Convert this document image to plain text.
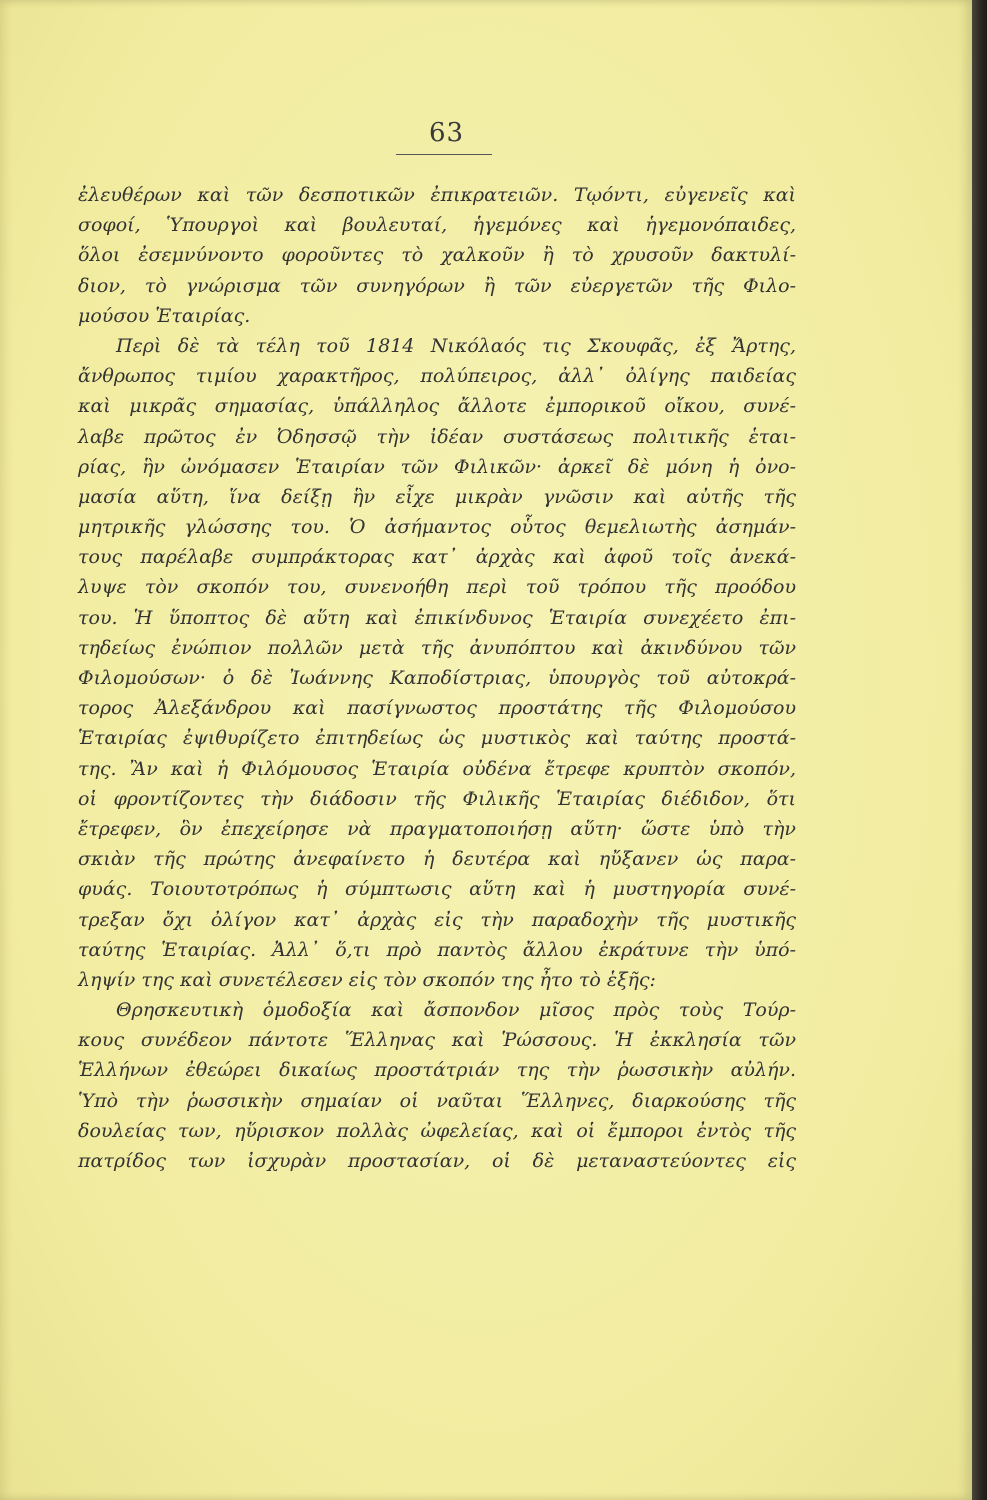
63
ἐλευθέρων καὶ τῶν δεσποτικῶν ἐπικρατειῶν. Τῳόντι, εὐγενεῖς καὶ
σοφοί, Ὑπουργοὶ καὶ βουλευταί, ἡγεμόνες καὶ ἡγεμονόπαιδες,
ὅλοι ἐσεμνύνοντο φοροῦντες τὸ χαλκοῦν ἢ τὸ χρυσοῦν δακτυλί-
διον, τὸ γνώρισμα τῶν συνηγόρων ἢ τῶν εὐεργετῶν τῆς Φιλο-
μούσου Ἑταιρίας.
Περὶ δὲ τὰ τέλη τοῦ 1814 Νικόλαός τις Σκουφᾶς, ἐξ Ἄρτης,
ἄνθρωπος τιμίου χαρακτῆρος, πολύπειρος, ἀλλ᾽ ὀλίγης παιδείας
καὶ μικρᾶς σημασίας, ὑπάλληλος ἄλλοτε ἐμπορικοῦ οἴκου, συνέ-
λαβε πρῶτος ἐν Ὀδησσῷ τὴν ἰδέαν συστάσεως πολιτικῆς ἑται-
ρίας, ἣν ὠνόμασεν Ἑταιρίαν τῶν Φιλικῶν· ἀρκεῖ δὲ μόνη ἡ ὀνο-
μασία αὕτη, ἵνα δείξῃ ἣν εἶχε μικρὰν γνῶσιν καὶ αὐτῆς τῆς
μητρικῆς γλώσσης του. Ὁ ἀσήμαντος οὗτος θεμελιωτὴς ἀσημάν-
τους παρέλαβε συμπράκτορας κατ᾽ ἀρχὰς καὶ ἀφοῦ τοῖς ἀνεκά-
λυψε τὸν σκοπόν του, συνενοήθη περὶ τοῦ τρόπου τῆς προόδου
του. Ἡ ὕποπτος δὲ αὕτη καὶ ἐπικίνδυνος Ἑταιρία συνεχέετο ἐπι-
τηδείως ἐνώπιον πολλῶν μετὰ τῆς ἀνυπόπτου καὶ ἀκινδύνου τῶν
Φιλομούσων· ὁ δὲ Ἰωάννης Καποδίστριας, ὑπουργὸς τοῦ αὐτοκρά-
τορος Ἀλεξάνδρου καὶ πασίγνωστος προστάτης τῆς Φιλομούσου
Ἑταιρίας ἐψιθυρίζετο ἐπιτηδείως ὡς μυστικὸς καὶ ταύτης προστά-
της. Ἂν καὶ ἡ Φιλόμουσος Ἑταιρία οὐδένα ἔτρεφε κρυπτὸν σκοπόν,
οἱ φροντίζοντες τὴν διάδοσιν τῆς Φιλικῆς Ἑταιρίας διέδιδον, ὅτι
ἔτρεφεν, ὃν ἐπεχείρησε νὰ πραγματοποιήσῃ αὕτη· ὥστε ὑπὸ τὴν
σκιὰν τῆς πρώτης ἀνεφαίνετο ἡ δευτέρα καὶ ηὔξανεν ὡς παρα-
φυάς. Τοιουτοτρόπως ἡ σύμπτωσις αὕτη καὶ ἡ μυστηγορία συνέ-
τρεξαν ὄχι ὀλίγον κατ᾽ ἀρχὰς εἰς τὴν παραδοχὴν τῆς μυστικῆς
ταύτης Ἑταιρίας. Ἀλλ᾽ ὅ,τι πρὸ παντὸς ἄλλου ἐκράτυνε τὴν ὑπό-
ληψίν της καὶ συνετέλεσεν εἰς τὸν σκοπόν της ἦτο τὸ ἑξῆς:
Θρησκευτικὴ ὁμοδοξία καὶ ἄσπονδον μῖσος πρὸς τοὺς Τούρ-
κους συνέδεον πάντοτε Ἕλληνας καὶ Ῥώσσους. Ἡ ἐκκλησία τῶν
Ἑλλήνων ἐθεώρει δικαίως προστάτριάν της τὴν ῥωσσικὴν αὐλήν.
Ὑπὸ τὴν ῥωσσικὴν σημαίαν οἱ ναῦται Ἕλληνες, διαρκούσης τῆς
δουλείας των, ηὕρισκον πολλὰς ὠφελείας, καὶ οἱ ἔμποροι ἐντὸς τῆς
πατρίδος των ἰσχυρὰν προστασίαν, οἱ δὲ μεταναστεύοντες εἰς
